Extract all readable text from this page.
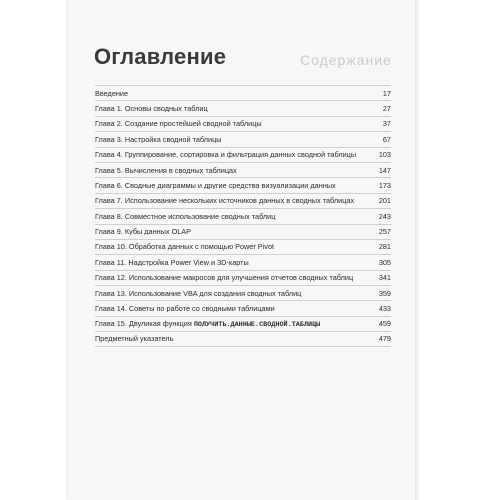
Оглавление	Содержание
Введение	17
Глава 1. Основы сводных таблиц	27
Глава 2. Создание простейшей сводной таблицы	37
Глава 3. Настройка сводной таблицы	67
Глава 4. Группирование, сортировка и фильтрация данных сводной таблицы	103
Глава 5. Вычисления в сводных таблицах	147
Глава 6. Сводные диаграммы и другие средства визуализации данных	173
Глава 7. Использование нескольких источников данных в сводных таблицах	201
Глава 8. Совместное использование сводных таблиц	243
Глава 9. Кубы данных OLAP	257
Глава 10. Обработка данных с помощью Power Pivot	281
Глава 11. Надстройка Power View и 3D-карты	305
Глава 12. Использование макросов для улучшения отчетов сводных таблиц	341
Глава 13. Использование VBA для создания сводных таблиц	359
Глава 14. Советы по работе со сводными таблицами	433
Глава 15. Двуликая функция ПОЛУЧИТЬ.ДАННЫЕ.СВОДНОЙ.ТАБЛИЦЫ	459
Предметный указатель	479
